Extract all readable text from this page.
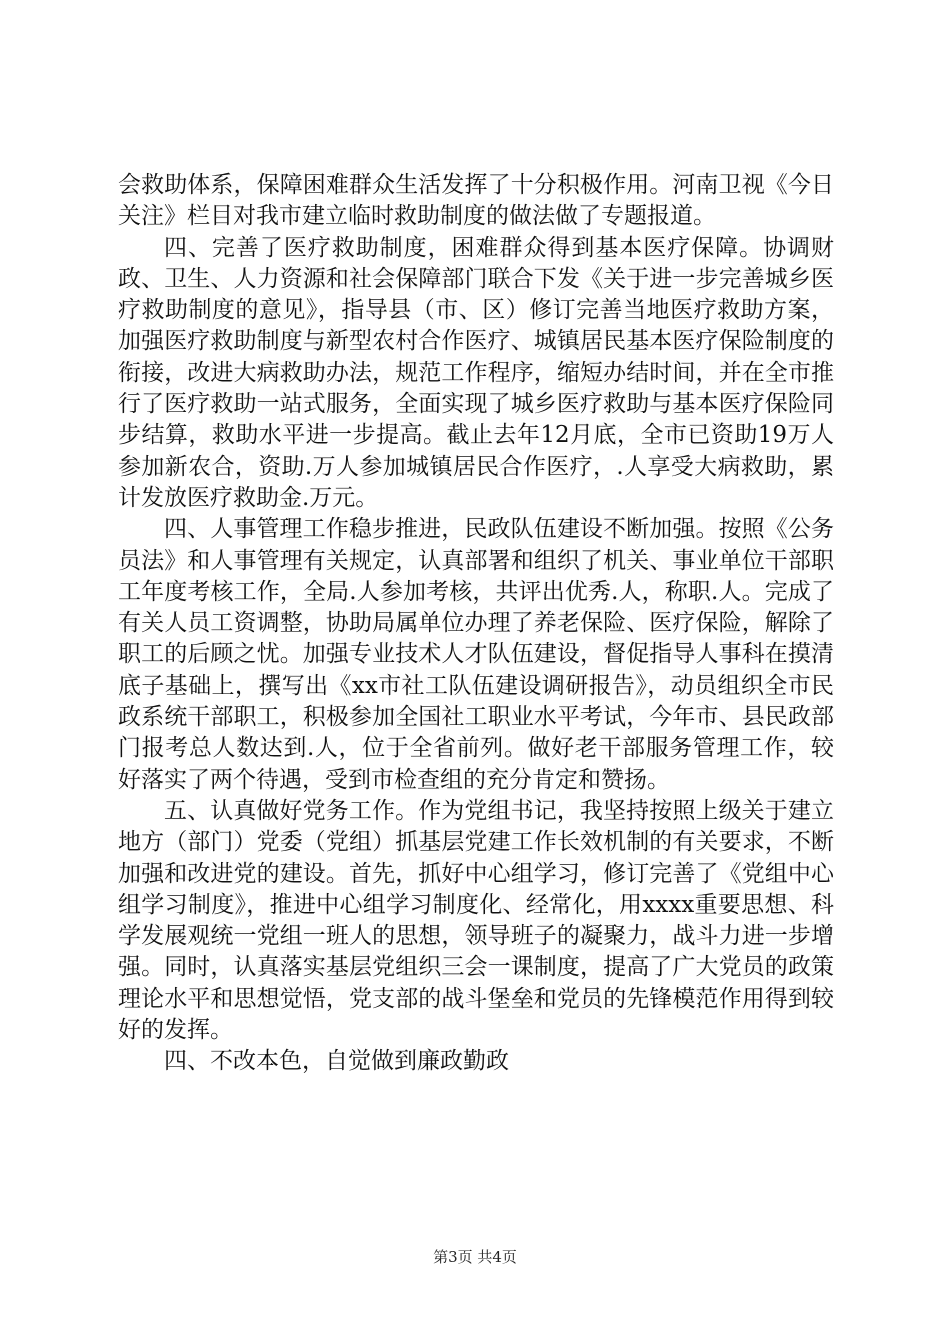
会救助体系，保障困难群众生活发挥了十分积极作用。河南卫视《今日关注》栏目对我市建立临时救助制度的做法做了专题报道。

四、完善了医疗救助制度，困难群众得到基本医疗保障。协调财政、卫生、人力资源和社会保障部门联合下发《关于进一步完善城乡医疗救助制度的意见》，指导县（市、区）修订完善当地医疗救助方案，加强医疗救助制度与新型农村合作医疗、城镇居民基本医疗保险制度的衔接，改进大病救助办法，规范工作程序，缩短办结时间，并在全市推行了医疗救助一站式服务，全面实现了城乡医疗救助与基本医疗保险同步结算，救助水平进一步提高。截止去年12月底，全市已资助19万人参加新农合，资助.万人参加城镇居民合作医疗，.人享受大病救助，累计发放医疗救助金.万元。

四、人事管理工作稳步推进，民政队伍建设不断加强。按照《公务员法》和人事管理有关规定，认真部署和组织了机关、事业单位干部职工年度考核工作，全局.人参加考核，共评出优秀.人，称职.人。完成了有关人员工资调整，协助局属单位办理了养老保险、医疗保险，解除了职工的后顾之忧。加强专业技术人才队伍建设，督促指导人事科在摸清底子基础上，撰写出《xx市社工队伍建设调研报告》，动员组织全市民政系统干部职工，积极参加全国社工职业水平考试，今年市、县民政部门报考总人数达到.人，位于全省前列。做好老干部服务管理工作，较好落实了两个待遇，受到市检查组的充分肯定和赞扬。

五、认真做好党务工作。作为党组书记，我坚持按照上级关于建立地方（部门）党委（党组）抓基层党建工作长效机制的有关要求，不断加强和改进党的建设。首先，抓好中心组学习，修订完善了《党组中心组学习制度》，推进中心组学习制度化、经常化，用xxxx重要思想、科学发展观统一党组一班人的思想，领导班子的凝聚力，战斗力进一步增强。同时，认真落实基层党组织三会一课制度，提高了广大党员的政策理论水平和思想觉悟，党支部的战斗堡垒和党员的先锋模范作用得到较好的发挥。

四、不改本色，自觉做到廉政勤政

第3页 共4页
